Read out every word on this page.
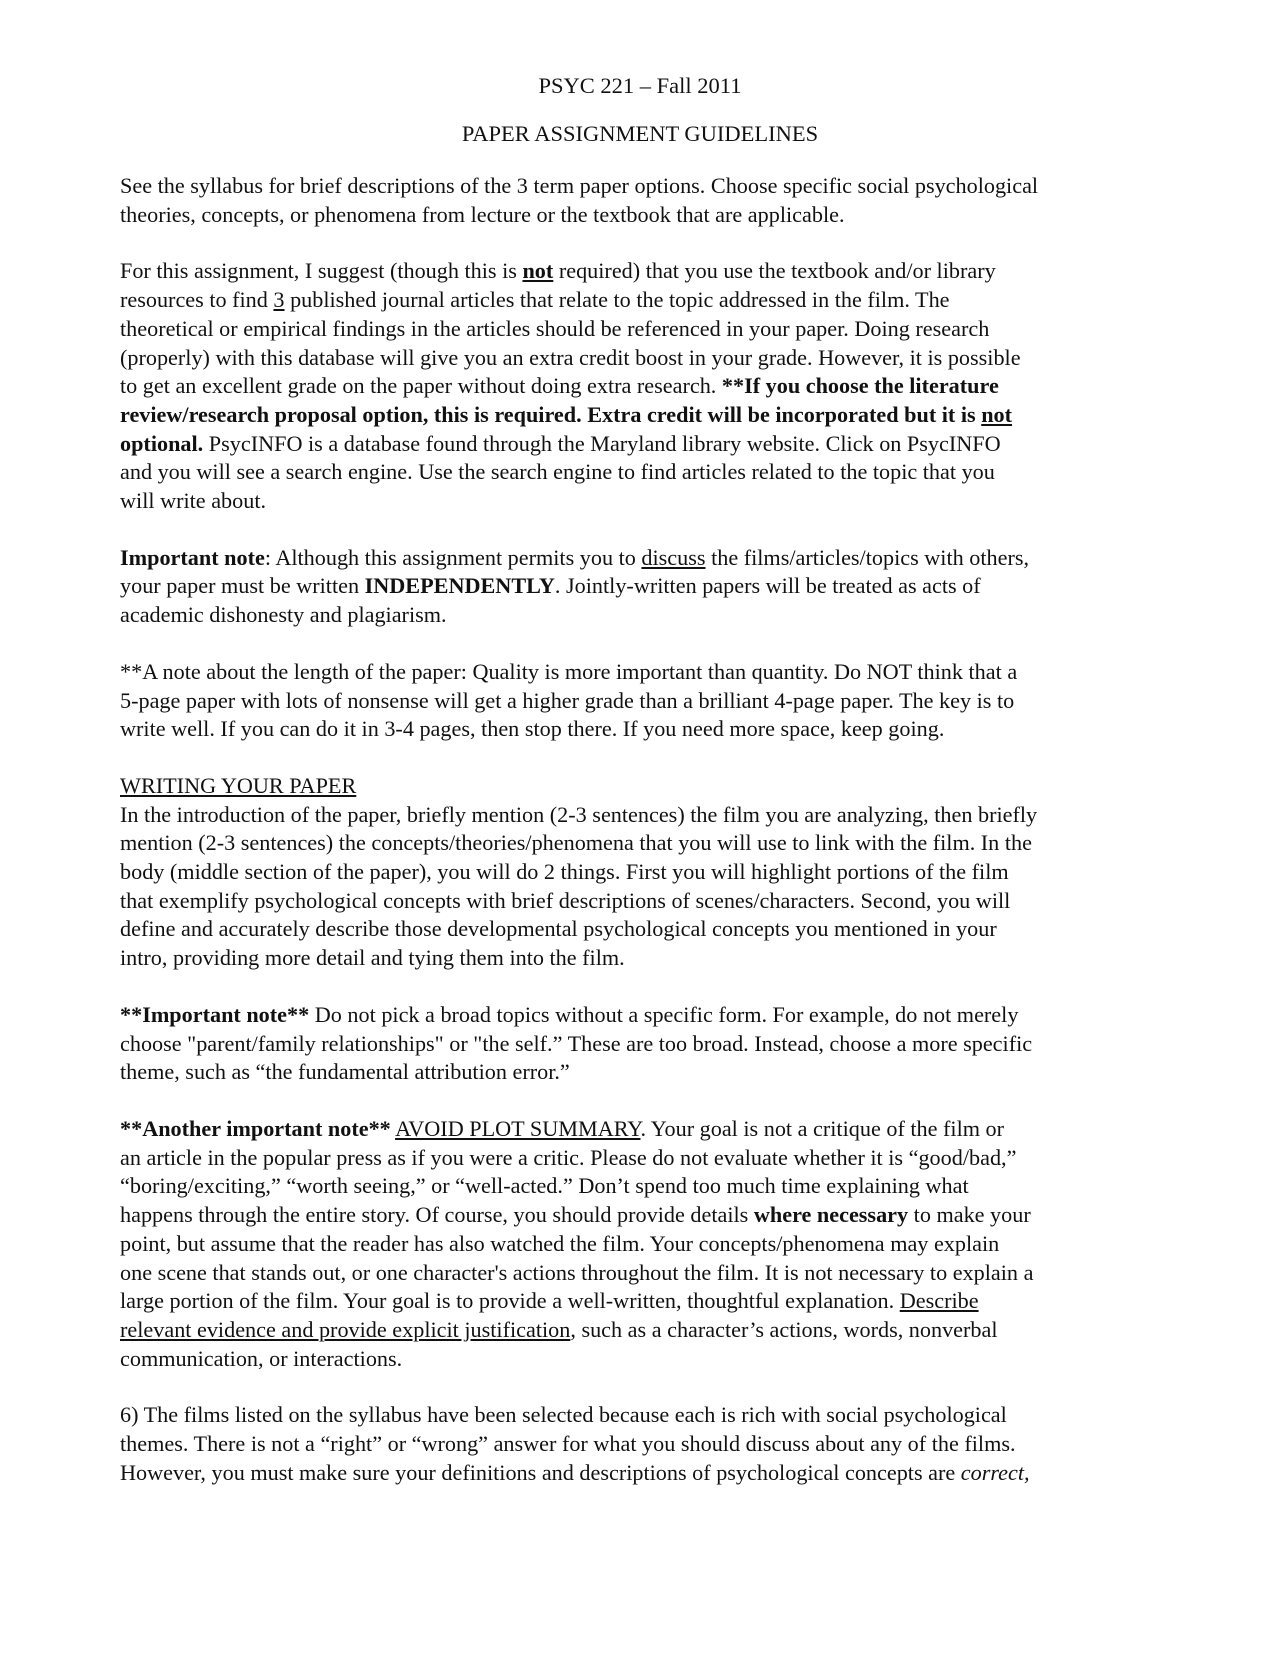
PSYC 221 – Fall 2011

PAPER ASSIGNMENT GUIDELINES

See the syllabus for brief descriptions of the 3 term paper options. Choose specific social psychological
theories, concepts, or phenomena from lecture or the textbook that are applicable.
For this assignment, I suggest (though this is not required) that you use the textbook and/or library
resources to find 3 published journal articles that relate to the topic addressed in the film. The
theoretical or empirical findings in the articles should be referenced in your paper. Doing research
(properly) with this database will give you an extra credit boost in your grade. However, it is possible
to get an excellent grade on the paper without doing extra research. **If you choose the literature
review/research proposal option, this is required. Extra credit will be incorporated but it is not
optional. PsycINFO is a database found through the Maryland library website. Click on PsycINFO
and you will see a search engine. Use the search engine to find articles related to the topic that you
will write about.
Important note: Although this assignment permits you to discuss the films/articles/topics with others,
your paper must be written INDEPENDENTLY. Jointly-written papers will be treated as acts of
academic dishonesty and plagiarism.
**A note about the length of the paper: Quality is more important than quantity. Do NOT think that a
5-page paper with lots of nonsense will get a higher grade than a brilliant 4-page paper. The key is to
write well. If you can do it in 3-4 pages, then stop there. If you need more space, keep going.
WRITING YOUR PAPER
In the introduction of the paper, briefly mention (2-3 sentences) the film you are analyzing, then briefly
mention (2-3 sentences) the concepts/theories/phenomena that you will use to link with the film. In the
body (middle section of the paper), you will do 2 things. First you will highlight portions of the film
that exemplify psychological concepts with brief descriptions of scenes/characters. Second, you will
define and accurately describe those developmental psychological concepts you mentioned in your
intro, providing more detail and tying them into the film.
**Important note** Do not pick a broad topics without a specific form. For example, do not merely
choose "parent/family relationships" or "the self.” These are too broad. Instead, choose a more specific
theme, such as “the fundamental attribution error.”
**Another important note** AVOID PLOT SUMMARY. Your goal is not a critique of the film or
an article in the popular press as if you were a critic. Please do not evaluate whether it is “good/bad,”
“boring/exciting,” “worth seeing,” or “well-acted.” Don’t spend too much time explaining what
happens through the entire story. Of course, you should provide details where necessary to make your
point, but assume that the reader has also watched the film. Your concepts/phenomena may explain
one scene that stands out, or one character's actions throughout the film. It is not necessary to explain a
large portion of the film. Your goal is to provide a well-written, thoughtful explanation. Describe
relevant evidence and provide explicit justification, such as a character’s actions, words, nonverbal
communication, or interactions.
6) The films listed on the syllabus have been selected because each is rich with social psychological
themes. There is not a “right” or “wrong” answer for what you should discuss about any of the films.
However, you must make sure your definitions and descriptions of psychological concepts are correct,
